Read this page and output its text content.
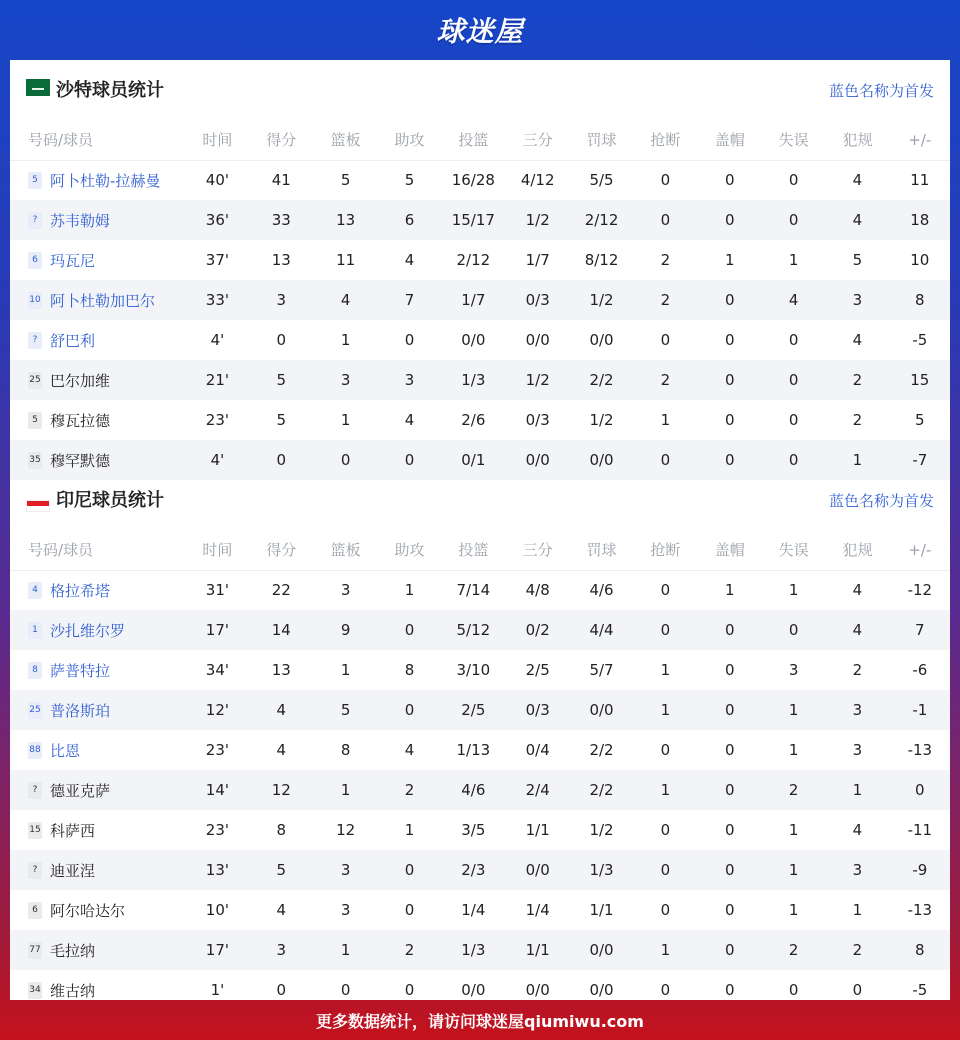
球迷屋
沙特球员统计	蓝色名称为首发
号码/球员	时间	得分	篮板	助攻	投篮	三分	罚球	抢断	盖帽	失误	犯规	+/-
5 阿卜杜勒-拉赫曼	40'	41	5	5	16/28	4/12	5/5	0	0	0	4	11
? 苏韦勒姆	36'	33	13	6	15/17	1/2	2/12	0	0	0	4	18
6 玛瓦尼	37'	13	11	4	2/12	1/7	8/12	2	1	1	5	10
10 阿卜杜勒加巴尔	33'	3	4	7	1/7	0/3	1/2	2	0	4	3	8
? 舒巴利	4'	0	1	0	0/0	0/0	0/0	0	0	0	4	-5
25 巴尔加维	21'	5	3	3	1/3	1/2	2/2	2	0	0	2	15
5 穆瓦拉德	23'	5	1	4	2/6	0/3	1/2	1	0	0	2	5
35 穆罕默德	4'	0	0	0	0/1	0/0	0/0	0	0	0	1	-7
印尼球员统计	蓝色名称为首发
号码/球员	时间	得分	篮板	助攻	投篮	三分	罚球	抢断	盖帽	失误	犯规	+/-
4 格拉希塔	31'	22	3	1	7/14	4/8	4/6	0	1	1	4	-12
1 沙扎维尔罗	17'	14	9	0	5/12	0/2	4/4	0	0	0	4	7
8 萨普特拉	34'	13	1	8	3/10	2/5	5/7	1	0	3	2	-6
25 普洛斯珀	12'	4	5	0	2/5	0/3	0/0	1	0	1	3	-1
88 比恩	23'	4	8	4	1/13	0/4	2/2	0	0	1	3	-13
? 德亚克萨	14'	12	1	2	4/6	2/4	2/2	1	0	2	1	0
15 科萨西	23'	8	12	1	3/5	1/1	1/2	0	0	1	4	-11
? 迪亚涅	13'	5	3	0	2/3	0/0	1/3	0	0	1	3	-9
6 阿尔哈达尔	10'	4	3	0	1/4	1/4	1/1	0	0	1	1	-13
77 毛拉纳	17'	3	1	2	1/3	1/1	0/0	1	0	2	2	8
34 维古纳	1'	0	0	0	0/0	0/0	0/0	0	0	0	0	-5
更多数据统计，请访问球迷屋qiumiwu.com
